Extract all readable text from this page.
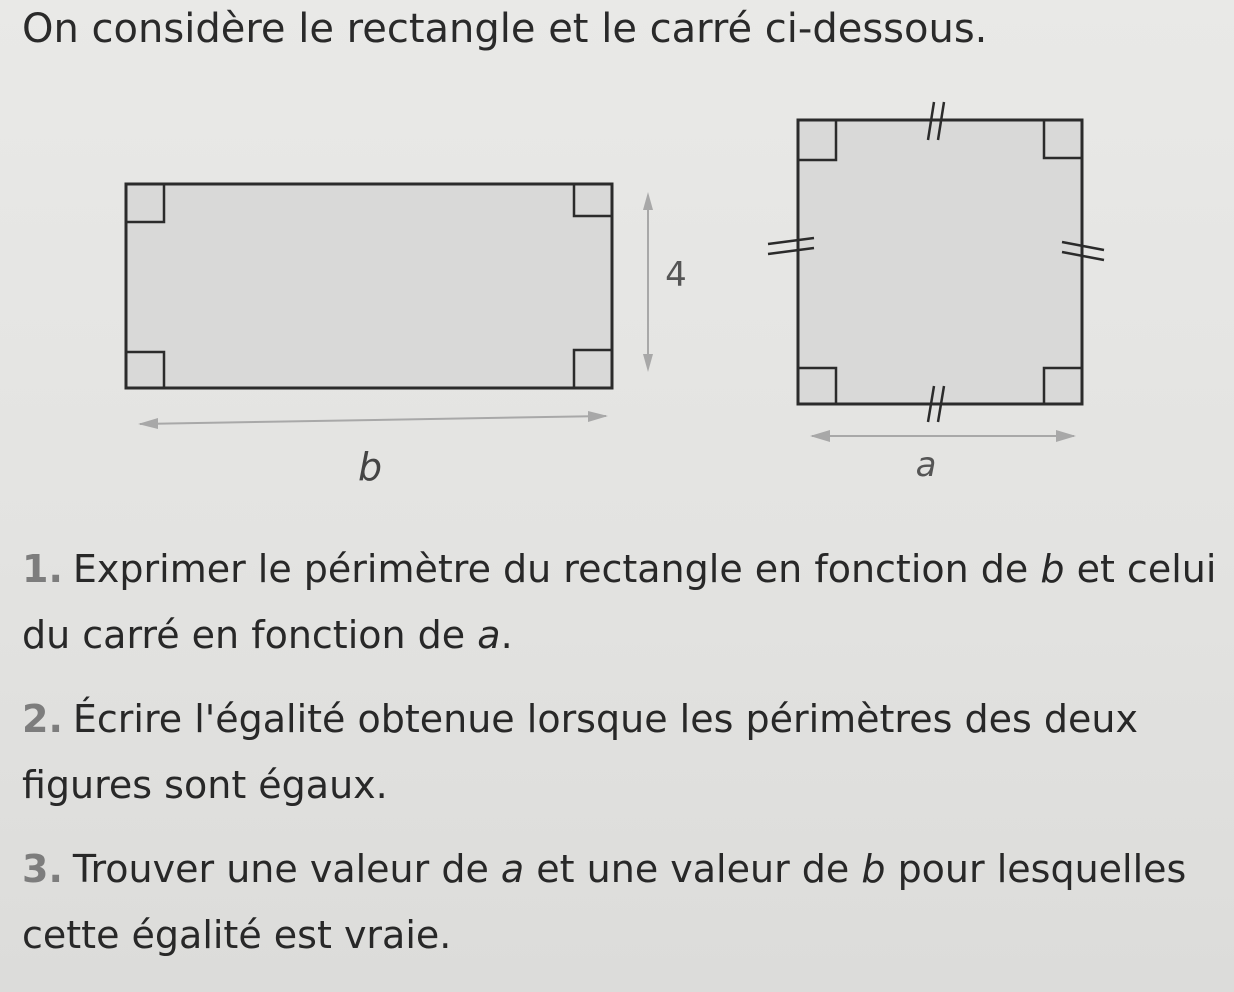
On considère le rectangle et le carré ci-dessous.
4
b	a

1. Exprimer le périmètre du rectangle en fonction de b et celui du carré en fonction de a.

2. Écrire l'égalité obtenue lorsque les périmètres des deux figures sont égaux.

3. Trouver une valeur de a et une valeur de b pour lesquelles cette égalité est vraie.
